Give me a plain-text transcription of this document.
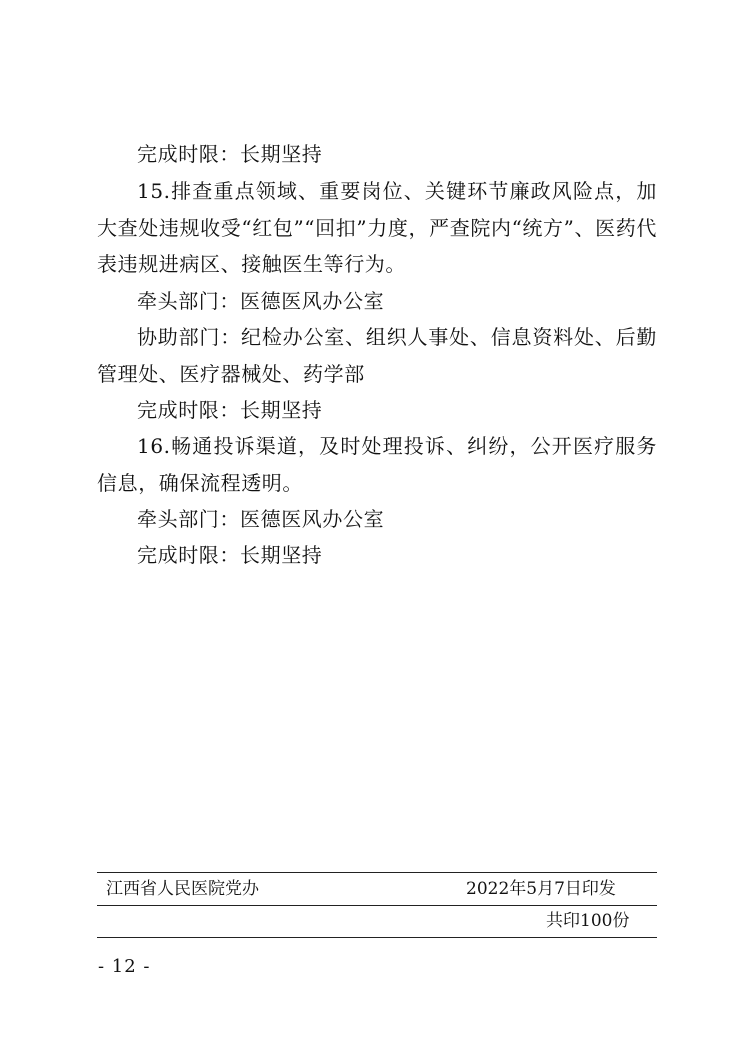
完成时限：长期坚持

15.排查重点领域、重要岗位、关键环节廉政风险点，加大查处违规收受“红包”“回扣”力度，严查院内“统方”、医药代表违规进病区、接触医生等行为。

牵头部门：医德医风办公室

协助部门：纪检办公室、组织人事处、信息资料处、后勤管理处、医疗器械处、药学部

完成时限：长期坚持

16.畅通投诉渠道，及时处理投诉、纠纷，公开医疗服务信息，确保流程透明。

牵头部门：医德医风办公室

完成时限：长期坚持

江西省人民医院党办	2022年5月7日印发
共印100份
- 12 -
